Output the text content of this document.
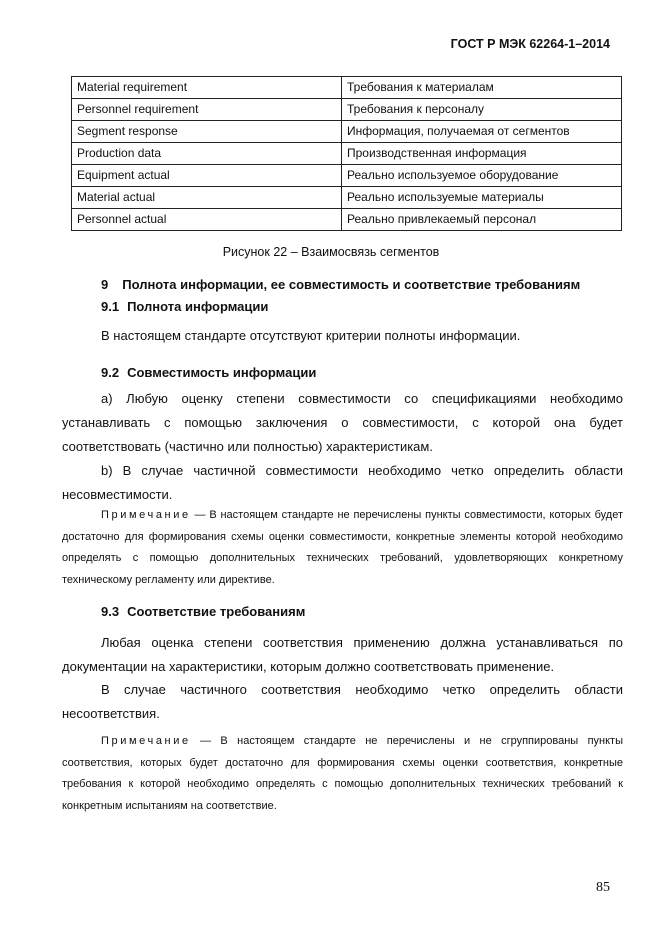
ГОСТ Р МЭК 62264-1–2014
Material requirement	Требования к материалам
Personnel requirement	Требования к персоналу
Segment response	Информация, получаемая от сегментов
Production data	Производственная информация
Equipment actual	Реально используемое оборудование
Material actual	Реально используемые материалы
Personnel actual	Реально привлекаемый персонал
Рисунок 22 – Взаимосвязь сегментов
9 Полнота информации, ее совместимость и соответствие требованиям
9.1 Полнота информации
В настоящем стандарте отсутствуют критерии полноты информации.
9.2 Совместимость информации
a) Любую оценку степени совместимости со спецификациями необходимо устанавливать с помощью заключения о совместимости, с которой она будет соответствовать (частично или полностью) характеристикам.
b) В случае частичной совместимости необходимо четко определить области несовместимости.
Примечание — В настоящем стандарте не перечислены пункты совместимости, которых будет достаточно для формирования схемы оценки совместимости, конкретные элементы которой необходимо определять с помощью дополнительных технических требований, удовлетворяющих конкретному техническому регламенту или директиве.
9.3 Соответствие требованиям
Любая оценка степени соответствия применению должна устанавливаться по документации на характеристики, которым должно соответствовать применение.
В случае частичного соответствия необходимо четко определить области несоответствия.
Примечание — В настоящем стандарте не перечислены и не сгруппированы пункты соответствия, которых будет достаточно для формирования схемы оценки соответствия, конкретные требования к которой необходимо определять с помощью дополнительных технических требований к конкретным испытаниям на соответствие.
85
